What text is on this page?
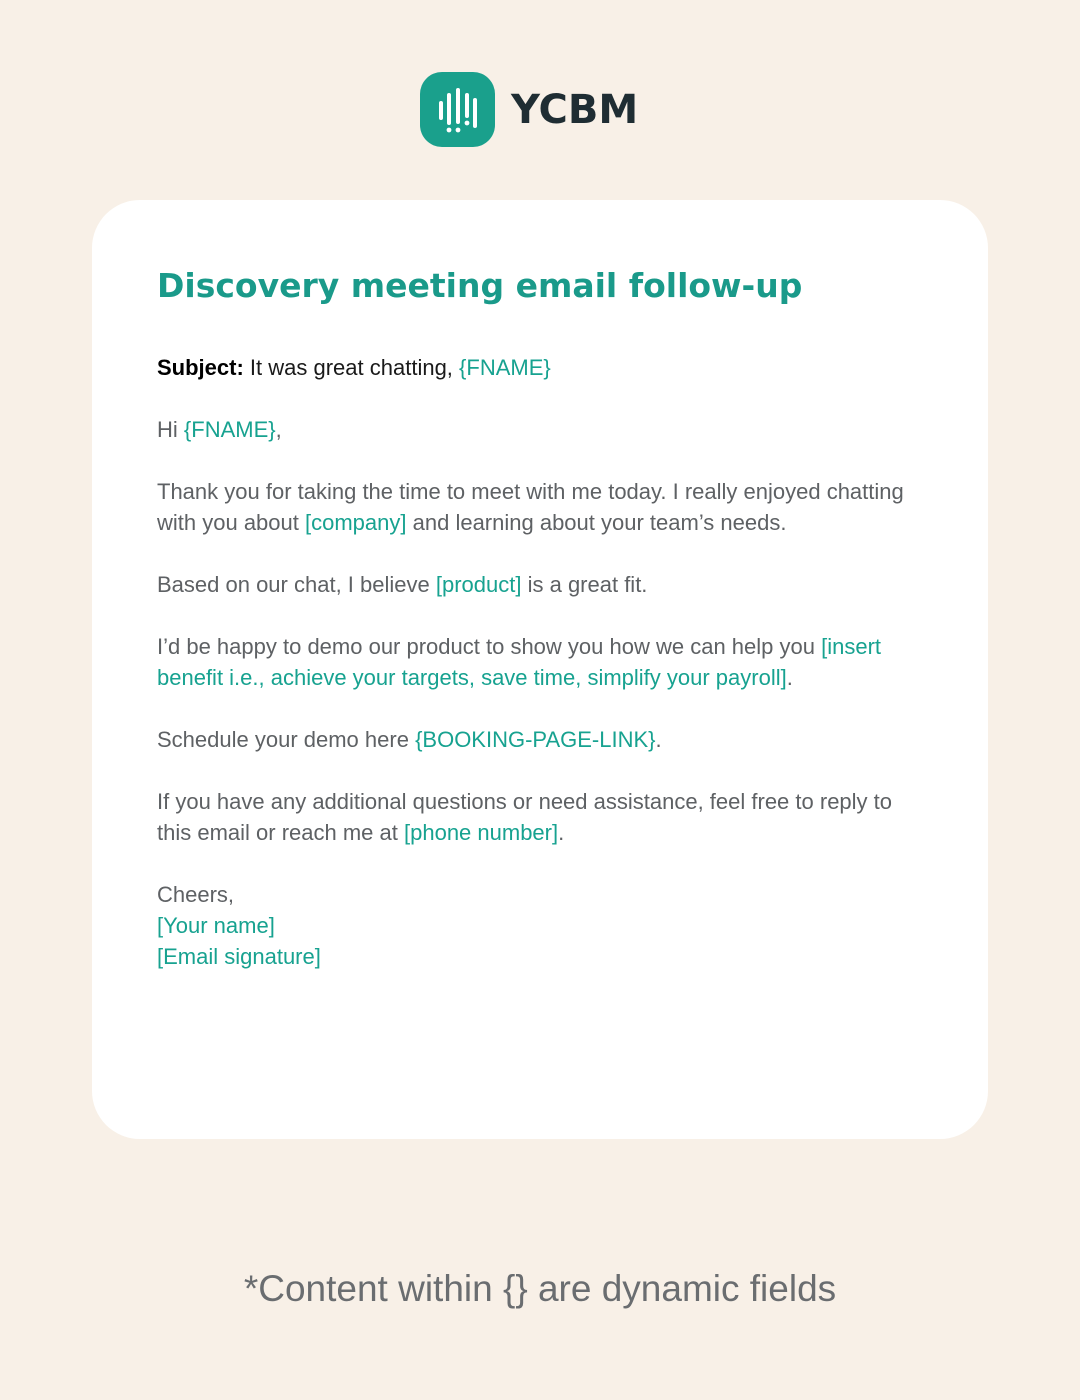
YCBM
Discovery meeting email follow-up

Subject: It was great chatting, {FNAME}

Hi {FNAME},

Thank you for taking the time to meet with me today. I really enjoyed chatting with you about [company] and learning about your team’s needs.

Based on our chat, I believe [product] is a great fit.

I’d be happy to demo our product to show you how we can help you [insert benefit i.e., achieve your targets, save time, simplify your payroll].

Schedule your demo here {BOOKING-PAGE-LINK}.

If you have any additional questions or need assistance, feel free to reply to this email or reach me at [phone number].

Cheers,
[Your name]
[Email signature]

*Content within {} are dynamic fields
